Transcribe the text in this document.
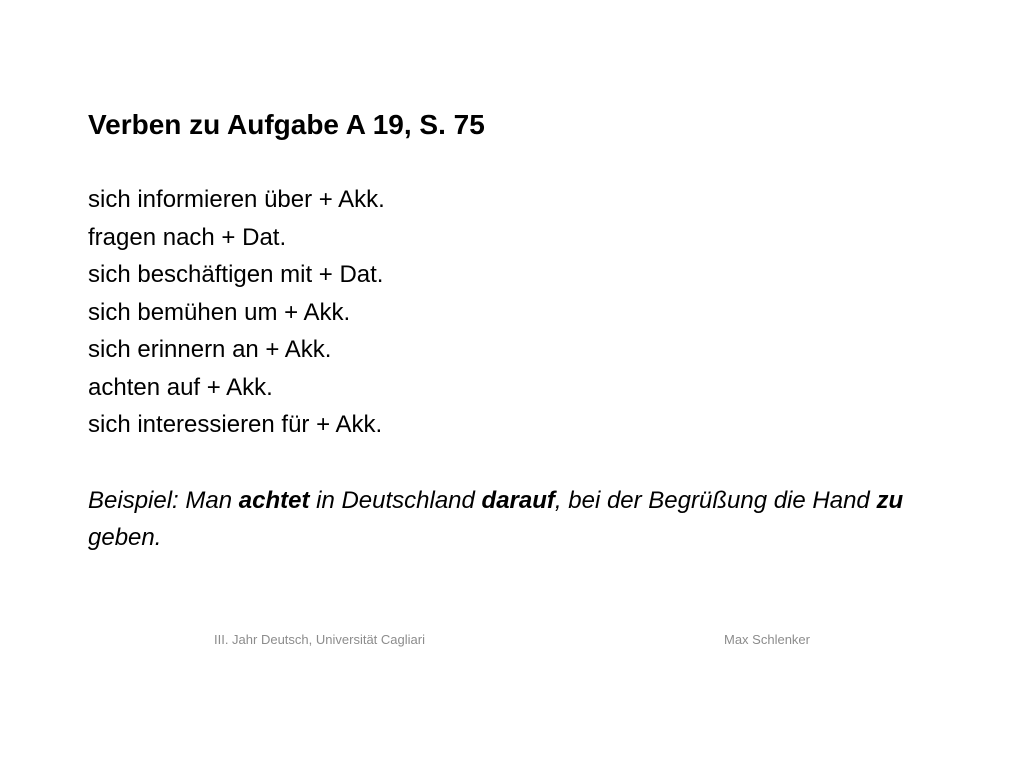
Verben zu Aufgabe A 19, S. 75
sich informieren über + Akk.
fragen nach + Dat.
sich beschäftigen mit + Dat.
sich bemühen um + Akk.
sich erinnern an + Akk.
achten auf + Akk.
sich interessieren für + Akk.
Beispiel: Man achtet in Deutschland darauf, bei der Begrüßung die Hand zu geben.
III. Jahr Deutsch, Universität Cagliari	Max Schlenker
